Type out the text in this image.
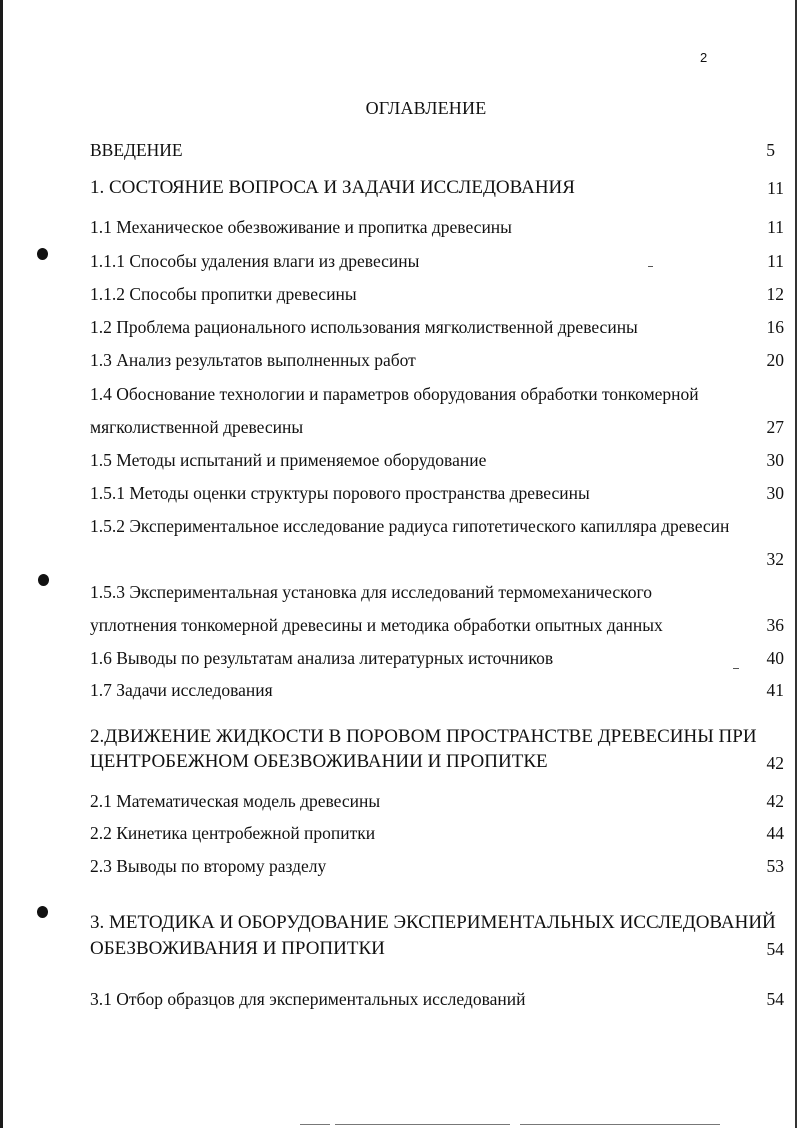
2
ОГЛАВЛЕНИЕ
ВВЕДЕНИЕ	5
1. СОСТОЯНИЕ ВОПРОСА И ЗАДАЧИ ИССЛЕДОВАНИЯ	11
1.1 Механическое обезвоживание и пропитка древесины	11
1.1.1 Способы удаления влаги из древесины	11
1.1.2 Способы пропитки древесины	12
1.2 Проблема рационального использования мягколиственной древесины	16
1.3 Анализ результатов выполненных работ	20
1.4 Обоснование технологии и параметров оборудования обработки тонкомерной
мягколиственной древесины	27
1.5 Методы испытаний и применяемое оборудование	30
1.5.1 Методы оценки структуры порового пространства древесины	30
1.5.2 Экспериментальное исследование радиуса гипотетического капилляра древесин
32
1.5.3 Экспериментальная установка для исследований термомеханического
уплотнения тонкомерной древесины и методика обработки опытных данных	36
1.6 Выводы по результатам анализа литературных источников	40
1.7 Задачи исследования	41
2.ДВИЖЕНИЕ ЖИДКОСТИ В ПОРОВОМ ПРОСТРАНСТВЕ ДРЕВЕСИНЫ ПРИ
ЦЕНТРОБЕЖНОМ ОБЕЗВОЖИВАНИИ И ПРОПИТКЕ	42
2.1 Математическая модель древесины	42
2.2 Кинетика центробежной пропитки	44
2.3 Выводы по второму разделу	53
3. МЕТОДИКА И ОБОРУДОВАНИЕ ЭКСПЕРИМЕНТАЛЬНЫХ ИССЛЕДОВАНИЙ
ОБЕЗВОЖИВАНИЯ И ПРОПИТКИ	54
3.1 Отбор образцов для экспериментальных исследований	54
